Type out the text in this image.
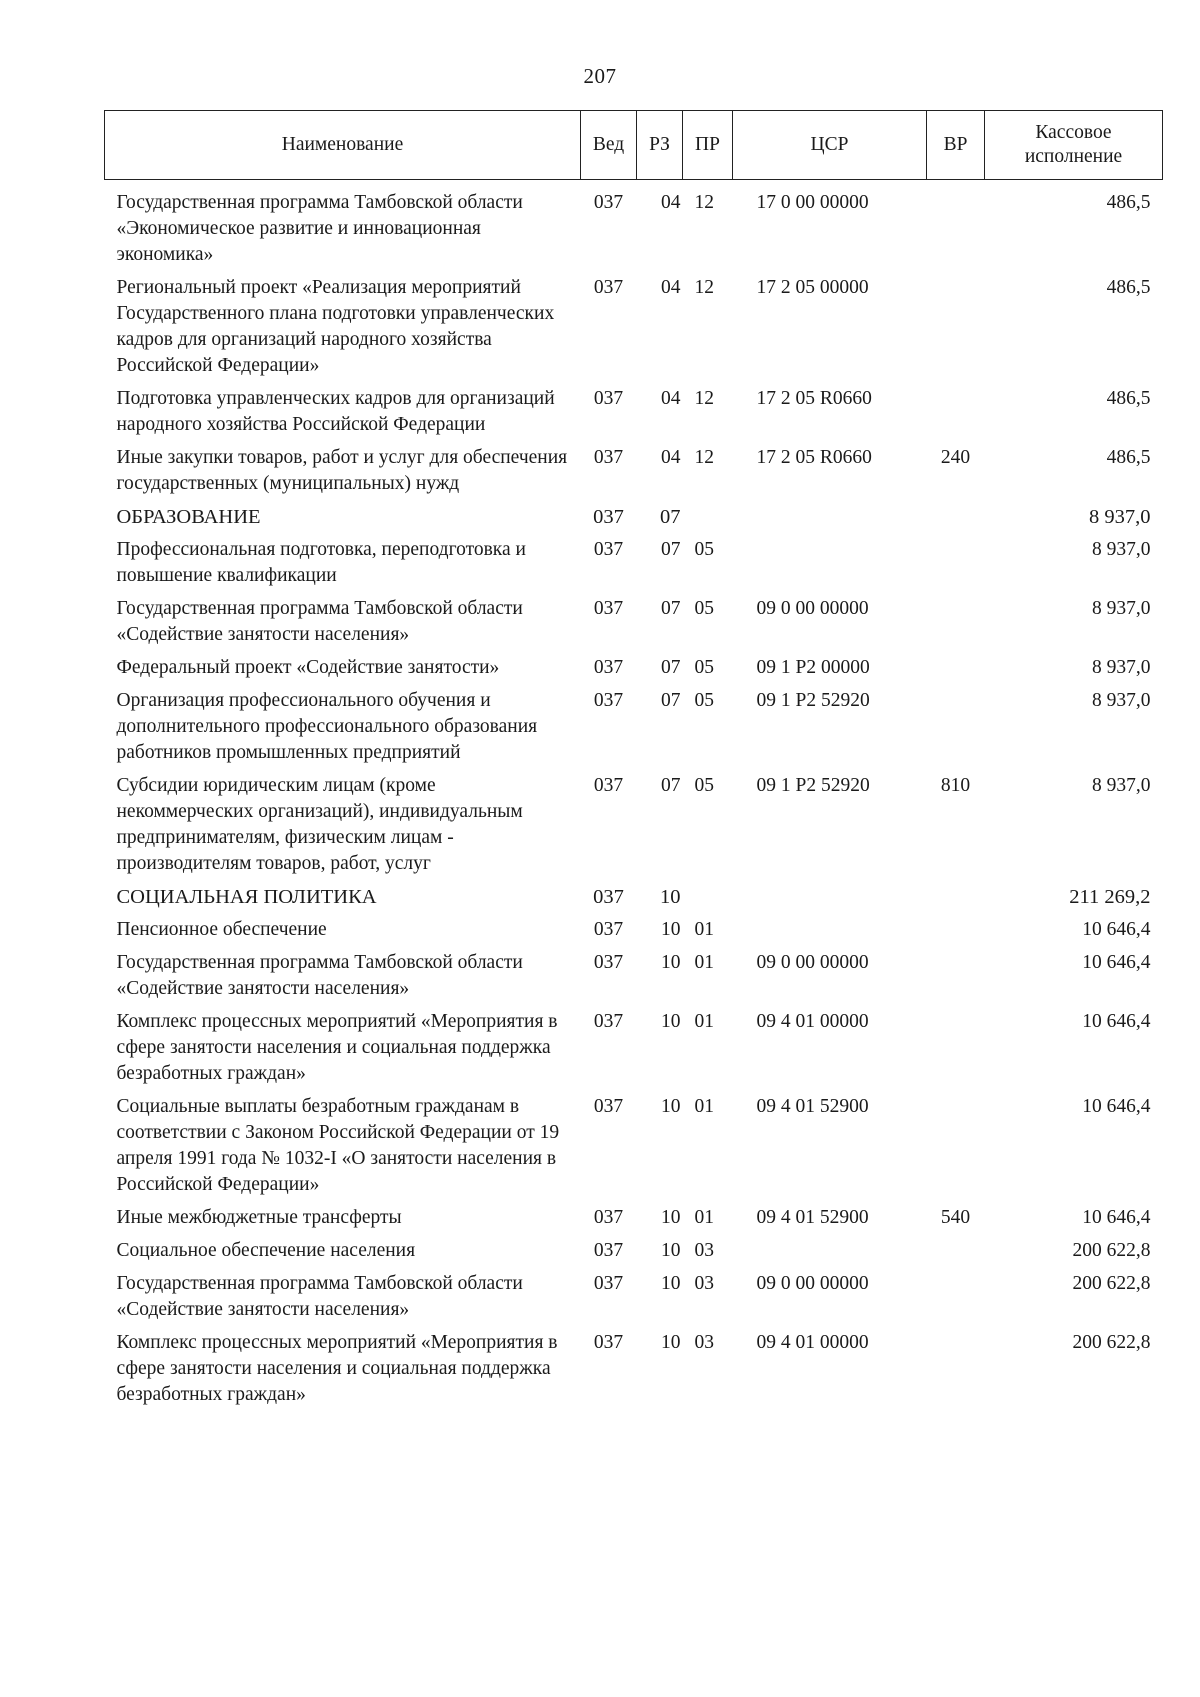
207
Наименование	Вед	РЗ	ПР	ЦСР	ВР	Кассовое исполнение
Государственная программа Тамбовской области «Экономическое развитие и инновационная экономика»	037	04	12	17 0 00 00000		486,5
Региональный проект «Реализация мероприятий Государственного плана подготовки управленческих кадров для организаций народного хозяйства Российской Федерации»	037	04	12	17 2 05 00000		486,5
Подготовка управленческих кадров для организаций народного хозяйства Российской Федерации	037	04	12	17 2 05 R0660		486,5
Иные закупки товаров, работ и услуг для обеспечения государственных (муниципальных) нужд	037	04	12	17 2 05 R0660	240	486,5
ОБРАЗОВАНИЕ	037	07				8 937,0
Профессиональная подготовка, переподготовка и повышение квалификации	037	07	05			8 937,0
Государственная программа Тамбовской области «Содействие занятости населения»	037	07	05	09 0 00 00000		8 937,0
Федеральный проект «Содействие занятости»	037	07	05	09 1 P2 00000		8 937,0
Организация профессионального обучения и дополнительного профессионального образования работников промышленных предприятий	037	07	05	09 1 P2 52920		8 937,0
Субсидии юридическим лицам (кроме некоммерческих организаций), индивидуальным предпринимателям, физическим лицам - производителям товаров, работ, услуг	037	07	05	09 1 P2 52920	810	8 937,0
СОЦИАЛЬНАЯ ПОЛИТИКА	037	10				211 269,2
Пенсионное обеспечение	037	10	01			10 646,4
Государственная программа Тамбовской области «Содействие занятости населения»	037	10	01	09 0 00 00000		10 646,4
Комплекс процессных мероприятий «Мероприятия в сфере занятости населения и социальная поддержка безработных граждан»	037	10	01	09 4 01 00000		10 646,4
Социальные выплаты безработным гражданам в соответствии с Законом Российской Федерации от 19 апреля 1991 года № 1032-I «О занятости населения в Российской Федерации»	037	10	01	09 4 01 52900		10 646,4
Иные межбюджетные трансферты	037	10	01	09 4 01 52900	540	10 646,4
Социальное обеспечение населения	037	10	03			200 622,8
Государственная программа Тамбовской области «Содействие занятости населения»	037	10	03	09 0 00 00000		200 622,8
Комплекс процессных мероприятий «Мероприятия в сфере занятости населения и социальная поддержка безработных граждан»	037	10	03	09 4 01 00000		200 622,8
